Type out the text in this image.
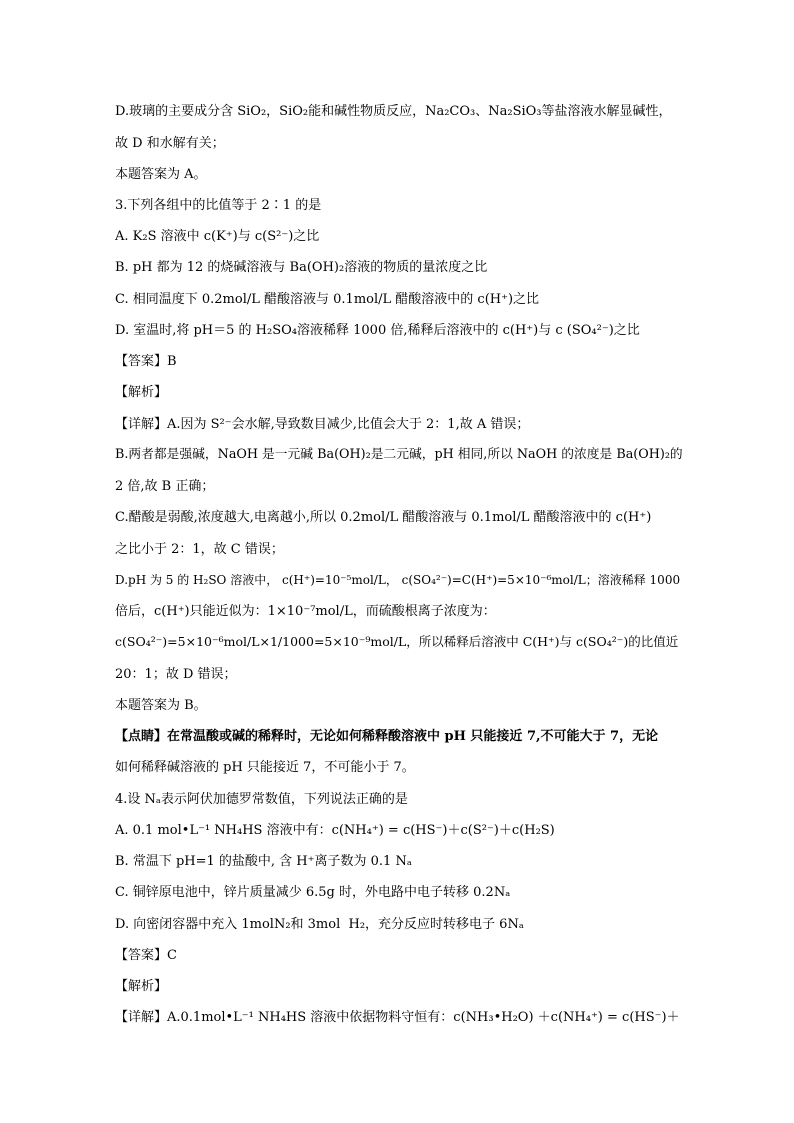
D.玻璃的主要成分含 SiO₂，SiO₂能和碱性物质反应，Na₂CO₃、Na₂SiO₃等盐溶液水解显碱性，
故 D 和水解有关；
本题答案为 A。
3.下列各组中的比值等于 2∶1 的是
A. K₂S 溶液中 c(K⁺)与 c(S²⁻)之比
B. pH 都为 12 的烧碱溶液与 Ba(OH)₂溶液的物质的量浓度之比
C. 相同温度下 0.2mol/L 醋酸溶液与 0.1mol/L 醋酸溶液中的 c(H⁺)之比
D. 室温时,将 pH＝5 的 H₂SO₄溶液稀释 1000 倍,稀释后溶液中的 c(H⁺)与 c (SO₄²⁻)之比
【答案】B
【解析】
【详解】A.因为 S²⁻会水解,导致数目减少,比值会大于 2：1,故 A 错误；
B.两者都是强碱，NaOH 是一元碱 Ba(OH)₂是二元碱，pH 相同,所以 NaOH 的浓度是 Ba(OH)₂的
2 倍,故 B 正确；
C.醋酸是弱酸,浓度越大,电离越小,所以 0.2mol/L 醋酸溶液与 0.1mol/L 醋酸溶液中的 c(H⁺)
之比小于 2：1，故 C 错误；
D.pH 为 5 的 H₂SO 溶液中， c(H⁺)=10⁻⁵mol/L， c(SO₄²⁻)=C(H⁺)=5×10⁻⁶mol/L；溶液稀释 1000
倍后，c(H⁺)只能近似为：1×10⁻⁷mol/L，而硫酸根离子浓度为：
c(SO₄²⁻)=5×10⁻⁶mol/L×1/1000=5×10⁻⁹mol/L，所以稀释后溶液中 C(H⁺)与 c(SO₄²⁻)的比值近
20：1；故 D 错误；
本题答案为 B。
【点睛】在常温酸或碱的稀释时，无论如何稀释酸溶液中 pH 只能接近 7,不可能大于 7，无论
如何稀释碱溶液的 pH 只能接近 7，不可能小于 7。
4.设 Nₐ表示阿伏加德罗常数值，下列说法正确的是
A. 0.1 mol•L⁻¹ NH₄HS 溶液中有：c(NH₄⁺) = c(HS⁻)＋c(S²⁻)＋c(H₂S)
B. 常温下 pH=1 的盐酸中, 含 H⁺离子数为 0.1 Nₐ
C. 铜锌原电池中，锌片质量减少 6.5g 时，外电路中电子转移 0.2Nₐ
D. 向密闭容器中充入 1molN₂和 3mol  H₂，充分反应时转移电子 6Nₐ
【答案】C
【解析】
【详解】A.0.1mol•L⁻¹ NH₄HS 溶液中依据物料守恒有：c(NH₃•H₂O) ＋c(NH₄⁺) = c(HS⁻)＋
